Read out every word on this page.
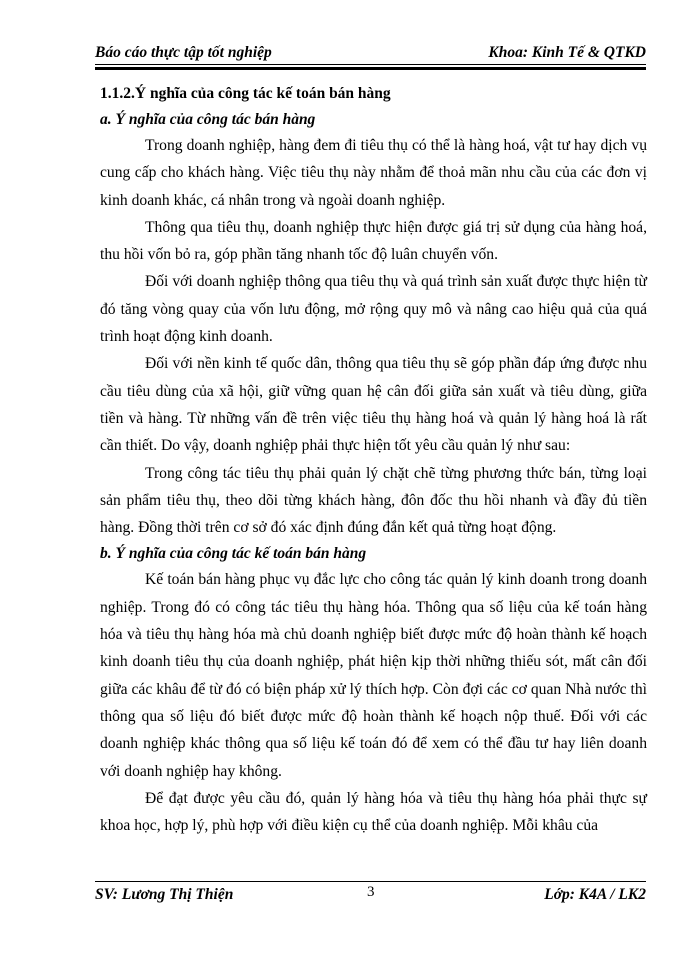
Báo cáo thực tập tốt nghiệp	Khoa: Kinh Tế & QTKD
1.1.2.Ý nghĩa của công tác kế toán bán hàng
a. Ý nghĩa của công tác bán hàng

Trong doanh nghiệp, hàng đem đi tiêu thụ có thể là hàng hoá, vật tư hay dịch vụ cung cấp cho khách hàng. Việc tiêu thụ này nhằm để thoả mãn nhu cầu của các đơn vị kinh doanh khác, cá nhân trong và ngoài doanh nghiệp.

Thông qua tiêu thụ, doanh nghiệp thực hiện được giá trị sử dụng của hàng hoá, thu hồi vốn bỏ ra, góp phần tăng nhanh tốc độ luân chuyển vốn.

Đối với doanh nghiệp thông qua tiêu thụ và quá trình sản xuất được thực hiện từ đó tăng vòng quay của vốn lưu động, mở rộng quy mô và nâng cao hiệu quả của quá trình hoạt động kinh doanh.

Đối với nền kinh tế quốc dân, thông qua tiêu thụ sẽ góp phần đáp ứng được nhu cầu tiêu dùng của xã hội, giữ vững quan hệ cân đối giữa sản xuất và tiêu dùng, giữa tiền và hàng. Từ những vấn đề trên việc tiêu thụ hàng hoá và quản lý hàng hoá là rất cần thiết. Do vậy, doanh nghiệp phải thực hiện tốt yêu cầu quản lý như sau:

Trong công tác tiêu thụ phải quản lý chặt chẽ từng phương thức bán, từng loại sản phẩm tiêu thụ, theo dõi từng khách hàng, đôn đốc thu hồi nhanh và đầy đủ tiền hàng. Đồng thời trên cơ sở đó xác định đúng đắn kết quả từng hoạt động.

b. Ý nghĩa của công tác kế toán bán hàng

Kế toán bán hàng phục vụ đắc lực cho công tác quản lý kinh doanh trong doanh nghiệp. Trong đó có công tác tiêu thụ hàng hóa. Thông qua số liệu của kế toán hàng hóa và tiêu thụ hàng hóa mà chủ doanh nghiệp biết được mức độ hoàn thành kế hoạch kinh doanh tiêu thụ của doanh nghiệp, phát hiện kịp thời những thiếu sót, mất cân đối giữa các khâu để từ đó có biện pháp xử lý thích hợp. Còn đợi các cơ quan Nhà nước thì thông qua số liệu đó biết được mức độ hoàn thành kế hoạch nộp thuế. Đối với các doanh nghiệp khác thông qua số liệu kế toán đó để xem có thể đầu tư hay liên doanh với doanh nghiệp hay không.

Để đạt được yêu cầu đó, quản lý hàng hóa và tiêu thụ hàng hóa phải thực sự khoa học, hợp lý, phù hợp với điều kiện cụ thể của doanh nghiệp. Mỗi khâu của

SV: Lương Thị Thiện	3	Lớp: K4A / LK2
